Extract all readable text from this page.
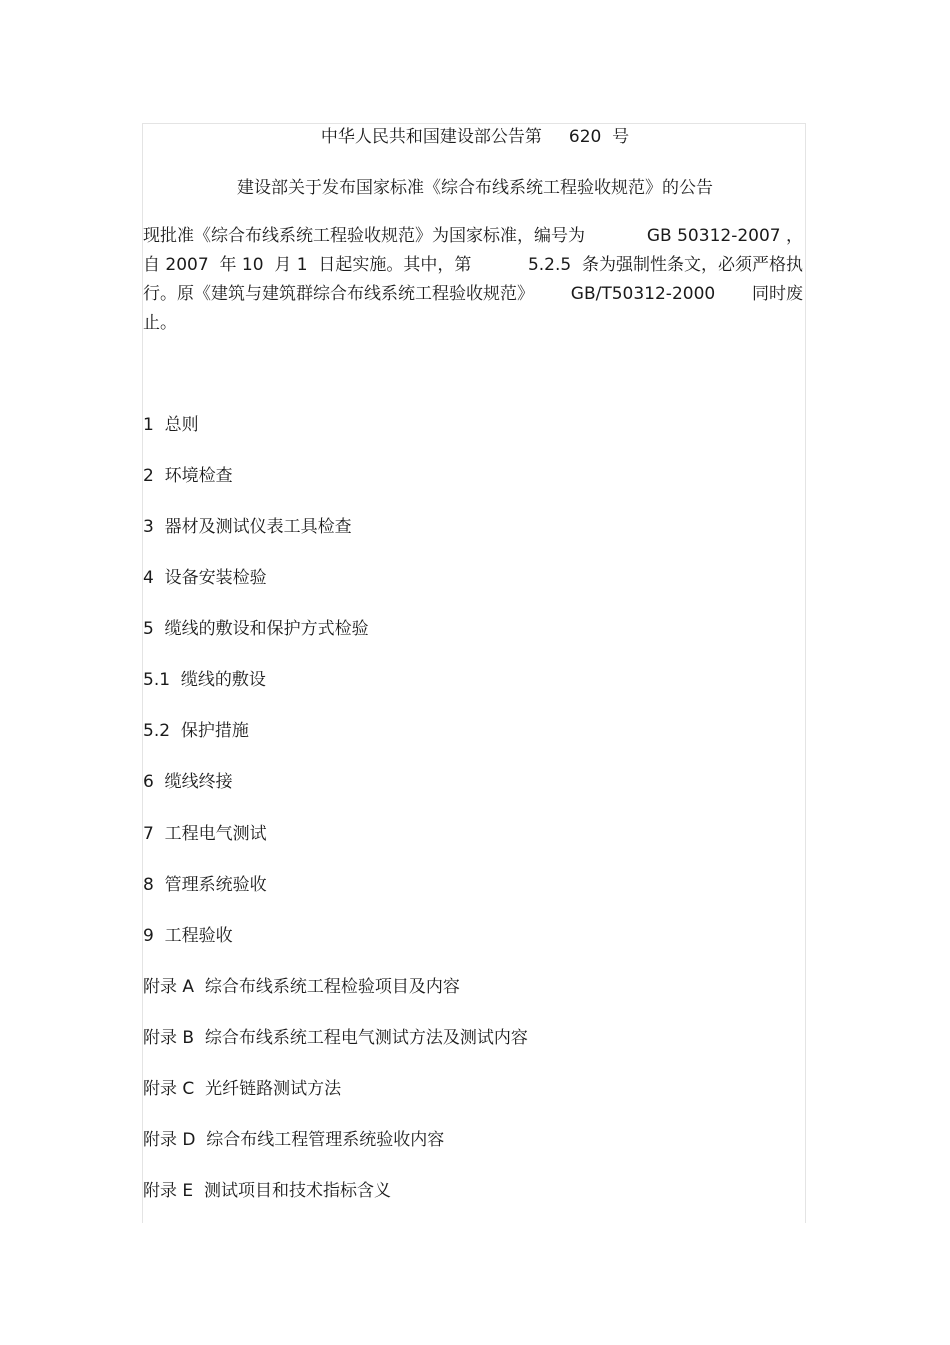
中华人民共和国建设部公告第     620  号
建设部关于发布国家标准《综合布线系统工程验收规范》的公告
现批准《综合布线系统工程验收规范》为国家标准，编号为	GB 50312-2007 ，
自 2007  年 10  月 1  日起实施。其中，第	5.2.5  条为强制性条文，必须严格执
行。原《建筑与建筑群综合布线系统工程验收规范》 GB/T50312-2000 同时废
止。
1  总则
2  环境检查
3  器材及测试仪表工具检查
4  设备安装检验
5  缆线的敷设和保护方式检验
5.1  缆线的敷设
5.2  保护措施
6  缆线终接
7  工程电气测试
8  管理系统验收
9  工程验收
附录 A  综合布线系统工程检验项目及内容
附录 B  综合布线系统工程电气测试方法及测试内容
附录 C  光纤链路测试方法
附录 D  综合布线工程管理系统验收内容
附录 E  测试项目和技术指标含义
